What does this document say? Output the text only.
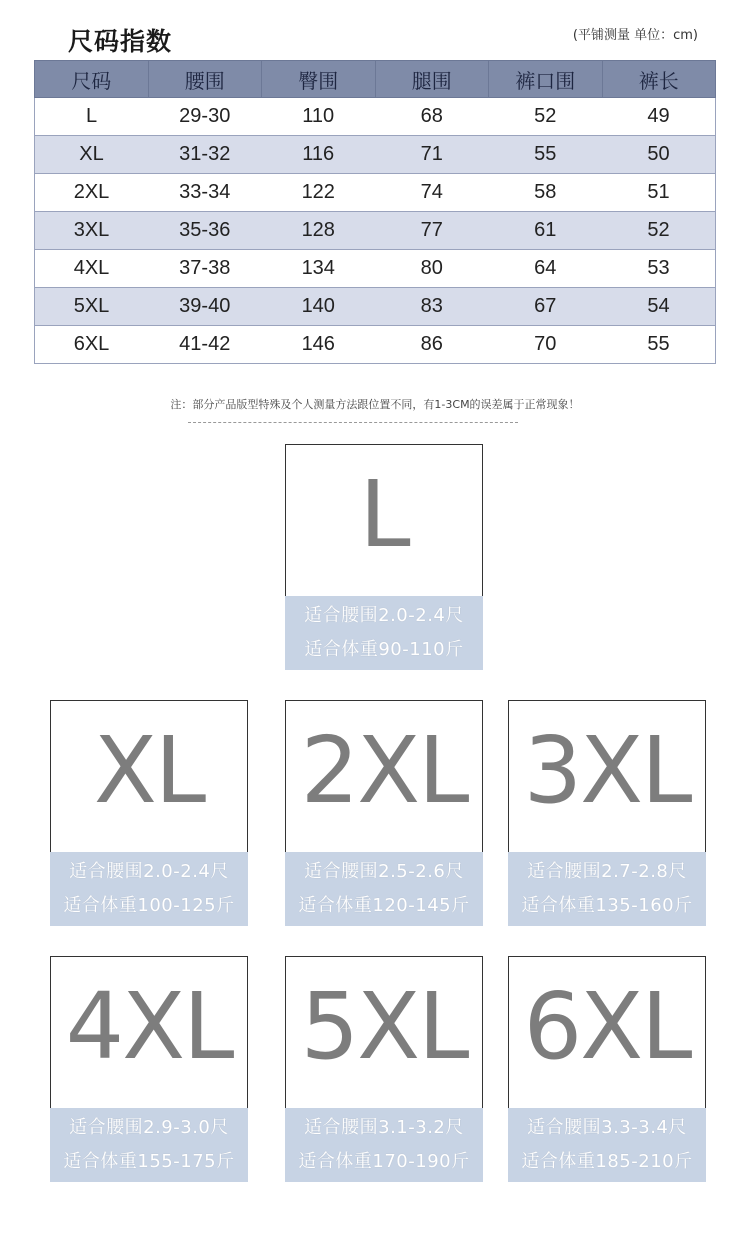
尺码指数	(平铺测量 单位：cm)
尺码	腰围	臀围	腿围	裤口围	裤长
L	29-30	110	68	52	49
XL	31-32	116	71	55	50
2XL	33-34	122	74	58	51
3XL	35-36	128	77	61	52
4XL	37-38	134	80	64	53
5XL	39-40	140	83	67	54
6XL	41-42	146	86	70	55
注：部分产品版型特殊及个人测量方法跟位置不同，有1-3CM的误差属于正常现象！
L
适合腰围2.0-2.4尺
适合体重90-110斤
XL
适合腰围2.0-2.4尺
适合体重100-125斤
2XL
适合腰围2.5-2.6尺
适合体重120-145斤
3XL
适合腰围2.7-2.8尺
适合体重135-160斤
4XL
适合腰围2.9-3.0尺
适合体重155-175斤
5XL
适合腰围3.1-3.2尺
适合体重170-190斤
6XL
适合腰围3.3-3.4尺
适合体重185-210斤
